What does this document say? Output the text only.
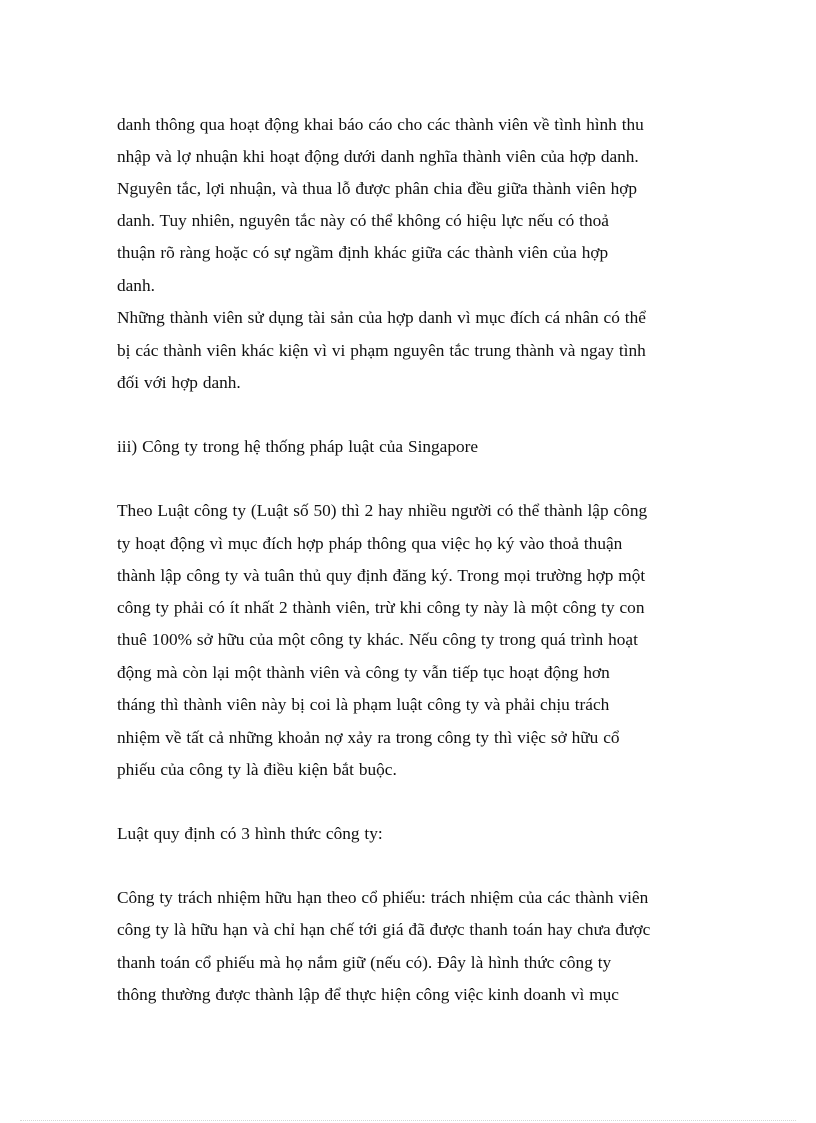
danh thông qua hoạt động khai báo cáo cho các thành viên về tình hình thu
nhập và lợ nhuận khi hoạt động dưới danh nghĩa thành viên của hợp danh.
Nguyên tắc, lợi nhuận, và thua lỗ được phân chia đều giữa thành viên hợp
danh. Tuy nhiên, nguyên tắc này có thể không có hiệu lực nếu có thoả
thuận rõ ràng hoặc có sự ngầm định khác giữa các thành viên của hợp
danh.
Những thành viên sử dụng tài sản của hợp danh vì mục đích cá nhân có thể
bị các thành viên khác kiện vì vi phạm nguyên tắc trung thành và ngay tình
đối với hợp danh.
iii) Công ty trong hệ thống pháp luật của Singapore
Theo Luật công ty (Luật số 50) thì 2 hay nhiều người có thể thành lập công
ty hoạt động vì mục đích hợp pháp thông qua việc họ ký vào thoả thuận
thành lập công ty và tuân thủ quy định đăng ký. Trong mọi trường hợp một
công ty phải có ít nhất 2 thành viên, trừ khi công ty này là một công ty con
thuê 100% sở hữu của một công ty khác. Nếu công ty trong quá trình hoạt
động mà còn lại một thành viên và công ty vẫn tiếp tục hoạt động hơn
tháng thì thành viên này bị coi là phạm luật công ty và phải chịu trách
nhiệm về tất cả những khoản nợ xảy ra trong công ty thì việc sở hữu cổ
phiếu của công ty là điều kiện bắt buộc.
Luật quy định có 3 hình thức công ty:
Công ty trách nhiệm hữu hạn theo cổ phiếu: trách nhiệm của các thành viên
công ty là hữu hạn và chỉ hạn chế tới giá đã được thanh toán hay chưa được
thanh toán cổ phiếu mà họ nắm giữ (nếu có). Đây là hình thức công ty
thông thường được thành lập để thực hiện công việc kinh doanh vì mục
